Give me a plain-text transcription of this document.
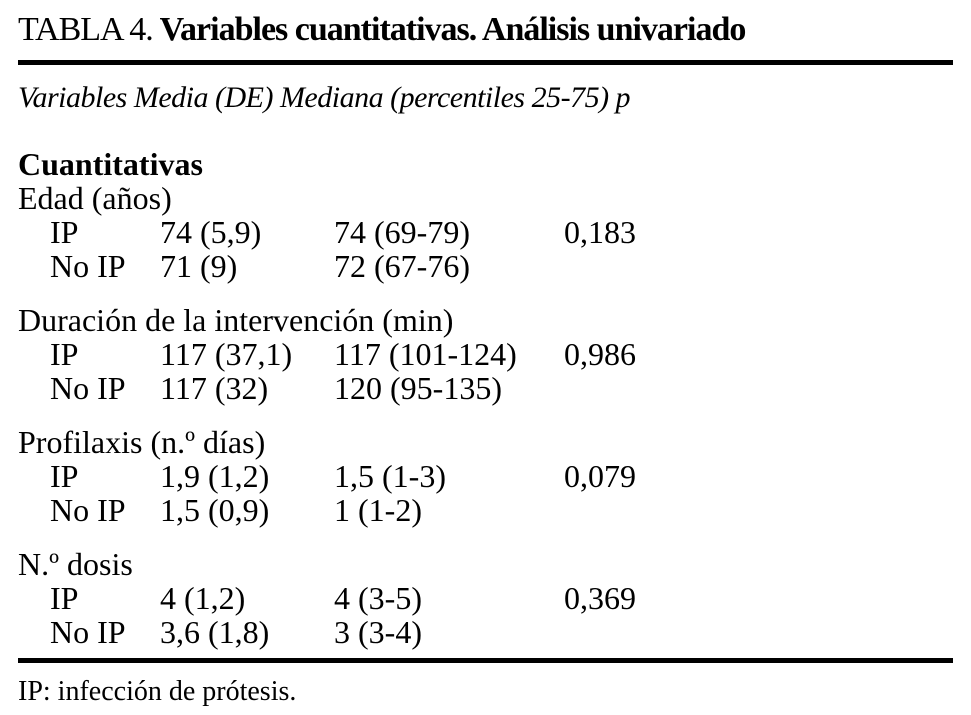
TABLA 4. Variables cuantitativas. Análisis univariado
Variables Media (DE) Mediana (percentiles 25-75) p
Cuantitativas
Edad (años)
IP	74 (5,9)	74 (69-79)	0,183
No IP	71 (9)	72 (67-76)
Duración de la intervención (min)
IP	117 (37,1)	117 (101-124)	0,986
No IP	117 (32)	120 (95-135)
Profilaxis (n.º días)
IP	1,9 (1,2)	1,5 (1-3)	0,079
No IP	1,5 (0,9)	1 (1-2)
N.º dosis
IP	4 (1,2)	4 (3-5)	0,369
No IP	3,6 (1,8)	3 (3-4)
IP: infección de prótesis.
